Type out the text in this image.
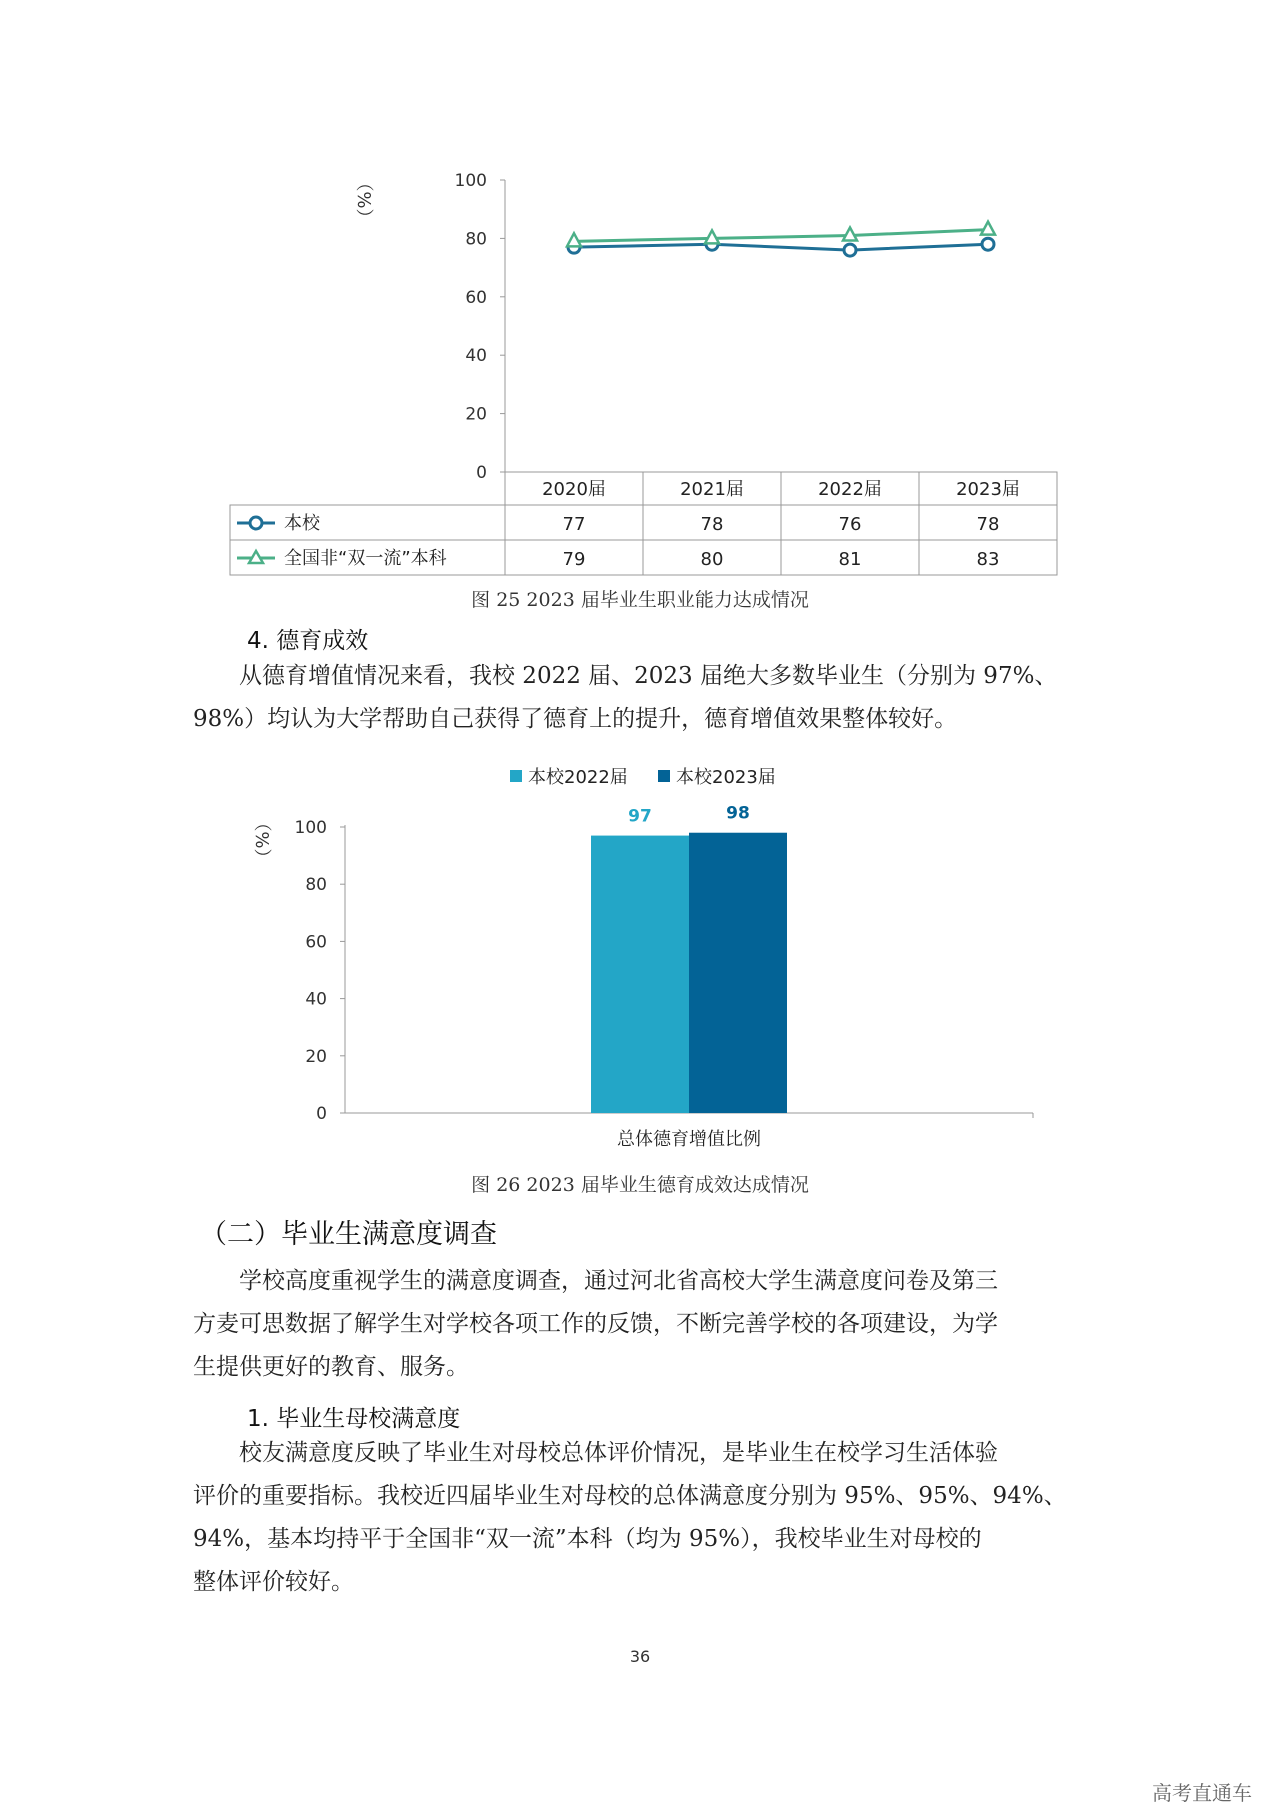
（%）
0
20
40
60
80
100
2020届	2021届	2022届	2023届
本校	77	78	76	78
全国非“双一流”本科	79	80	81	83
图 25 2023 届毕业生职业能力达成情况
4. 德育成效
从德育增值情况来看，我校 2022 届、2023 届绝大多数毕业生（分别为 97%、
98%）均认为大学帮助自己获得了德育上的提升，德育增值效果整体较好。
本校2022届	本校2023届
（%）
0
20
40
60
80
100
97	98
总体德育增值比例
图 26 2023 届毕业生德育成效达成情况
（二）毕业生满意度调查
学校高度重视学生的满意度调查，通过河北省高校大学生满意度问卷及第三
方麦可思数据了解学生对学校各项工作的反馈，不断完善学校的各项建设，为学
生提供更好的教育、服务。
1. 毕业生母校满意度
校友满意度反映了毕业生对母校总体评价情况，是毕业生在校学习生活体验
评价的重要指标。我校近四届毕业生对母校的总体满意度分别为 95%、95%、94%、
94%，基本均持平于全国非“双一流”本科（均为 95%），我校毕业生对母校的
整体评价较好。
36
高考直通车
